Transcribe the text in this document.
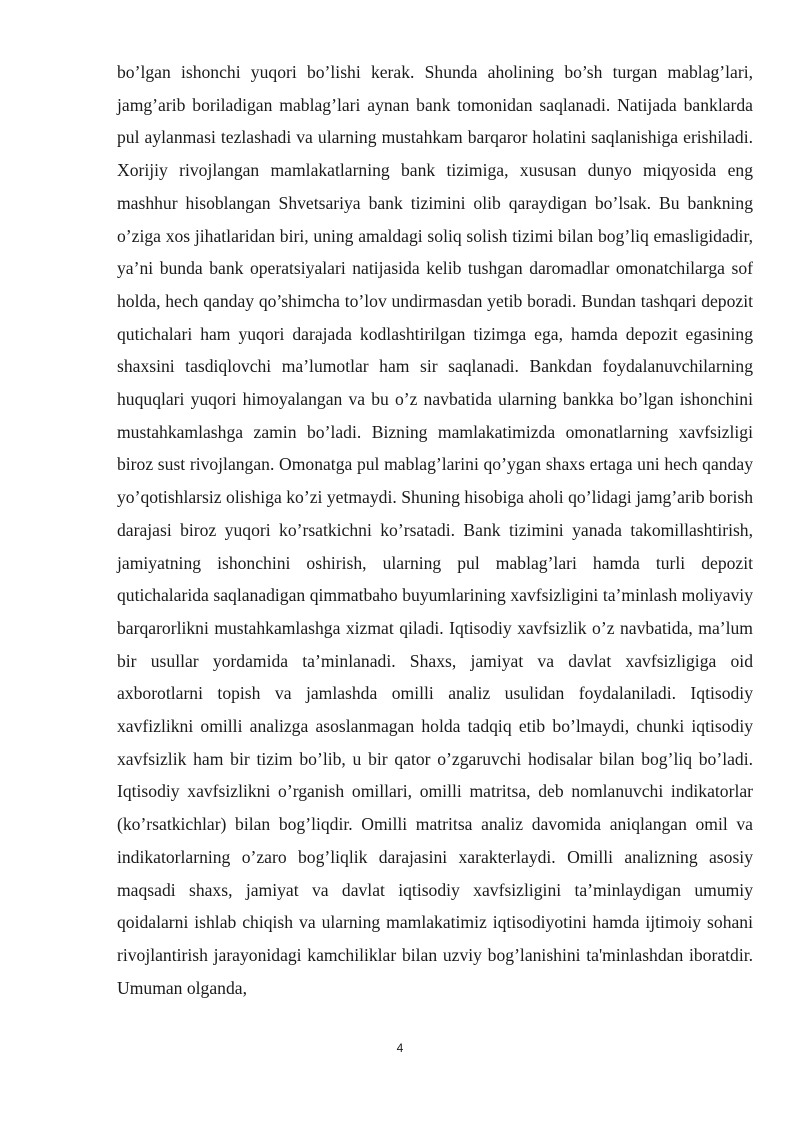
bo’lgan ishonchi yuqori bo’lishi kerak. Shunda aholining bo’sh turgan mablag’lari, jamg’arib boriladigan mablag’lari aynan bank tomonidan saqlanadi. Natijada banklarda pul aylanmasi tezlashadi va ularning mustahkam barqaror holatini saqlanishiga erishiladi. Xorijiy rivojlangan mamlakatlarning bank tizimiga, xususan dunyo miqyosida eng mashhur hisoblangan Shvetsariya bank tizimini olib qaraydigan bo’lsak. Bu bankning o’ziga xos jihatlaridan biri, uning amaldagi soliq solish tizimi bilan bog’liq emasligidadir, ya’ni bunda bank operatsiyalari natijasida kelib tushgan daromadlar omonatchilarga sof holda, hech qanday qo’shimcha to’lov undirmasdan yetib boradi. Bundan tashqari depozit qutichalari ham yuqori darajada kodlashtirilgan tizimga ega, hamda depozit egasining shaxsini tasdiqlovchi ma’lumotlar ham sir saqlanadi. Bankdan foydalanuvchilarning huquqlari yuqori himoyalangan va bu o’z navbatida ularning bankka bo’lgan ishonchini mustahkamlashga zamin bo’ladi. Bizning mamlakatimizda omonatlarning xavfsizligi biroz sust rivojlangan. Omonatga pul mablag’larini qo’ygan shaxs ertaga uni hech qanday yo’qotishlarsiz olishiga ko’zi yetmaydi. Shuning hisobiga aholi qo’lidagi jamg’arib borish darajasi biroz yuqori ko’rsatkichni ko’rsatadi. Bank tizimini yanada takomillashtirish, jamiyatning ishonchini oshirish, ularning pul mablag’lari hamda turli depozit qutichalarida saqlanadigan qimmatbaho buyumlarining xavfsizligini ta’minlash moliyaviy barqarorlikni mustahkamlashga xizmat qiladi. Iqtisodiy xavfsizlik o’z navbatida, ma’lum bir usullar yordamida ta’minlanadi. Shaxs, jamiyat va davlat xavfsizligiga oid axborotlarni topish va jamlashda omilli analiz usulidan foydalaniladi. Iqtisodiy xavfizlikni omilli analizga asoslanmagan holda tadqiq etib bo’lmaydi, chunki iqtisodiy xavfsizlik ham bir tizim bo’lib, u bir qator o’zgaruvchi hodisalar bilan bog’liq bo’ladi. Iqtisodiy xavfsizlikni o’rganish omillari, omilli matritsa, deb nomlanuvchi indikatorlar (ko’rsatkichlar) bilan bog’liqdir. Omilli matritsa analiz davomida aniqlangan omil va indikatorlarning o’zaro bog’liqlik darajasini xarakterlaydi. Omilli analizning asosiy maqsadi shaxs, jamiyat va davlat iqtisodiy xavfsizligini ta’minlaydigan umumiy qoidalarni ishlab chiqish va ularning mamlakatimiz iqtisodiyotini hamda ijtimoiy sohani rivojlantirish jarayonidagi kamchiliklar bilan uzviy bog’lanishini ta'minlashdan iboratdir. Umuman olganda,

4
